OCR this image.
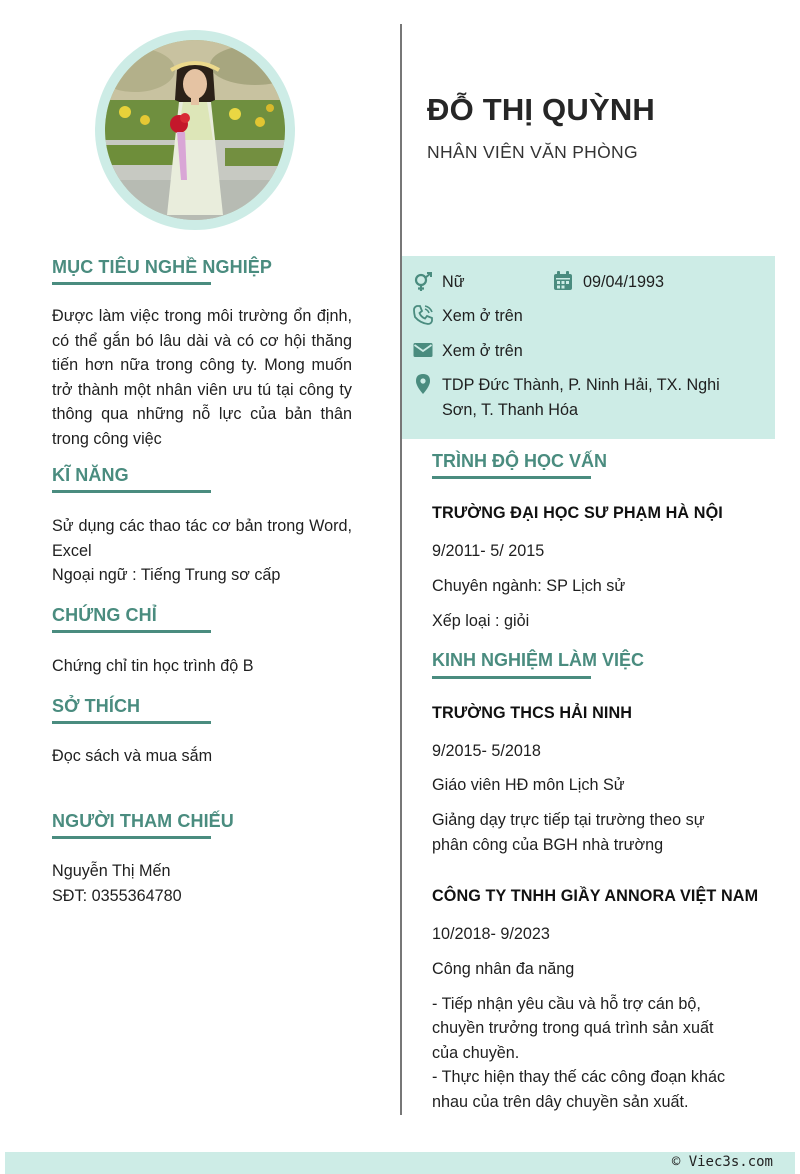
MỤC TIÊU NGHỀ NGHIỆP
Được làm việc trong môi trường ổn định, có thể gắn bó lâu dài và có cơ hội thăng tiến hơn nữa trong công ty. Mong muốn trở thành một nhân viên ưu tú tại công ty thông qua những nỗ lực của bản thân trong công việc
KĨ NĂNG
Sử dụng các thao tác cơ bản trong Word, Excel
Ngoại ngữ : Tiếng Trung sơ cấp
CHỨNG CHỈ
Chứng chỉ tin học trình độ B
SỞ THÍCH
Đọc sách và mua sắm
NGƯỜI THAM CHIẾU
Nguyễn Thị Mến
SĐT: 0355364780
ĐỖ THỊ QUỲNH
NHÂN VIÊN VĂN PHÒNG
Nữ	09/04/1993
Xem ở trên
Xem ở trên
TDP Đức Thành, P. Ninh Hải, TX. Nghi
Sơn, T. Thanh Hóa
TRÌNH ĐỘ HỌC VẤN
TRƯỜNG ĐẠI HỌC SƯ PHẠM HÀ NỘI
9/2011- 5/ 2015
Chuyên ngành: SP Lịch sử
Xếp loại : giỏi
KINH NGHIỆM LÀM VIỆC
TRƯỜNG THCS HẢI NINH
9/2015- 5/2018
Giáo viên HĐ môn Lịch Sử
Giảng dạy trực tiếp tại trường theo sự
phân công của BGH nhà trường
CÔNG TY TNHH GIẦY ANNORA VIỆT NAM
10/2018- 9/2023
Công nhân đa năng
- Tiếp nhận yêu cầu và hỗ trợ cán bộ,
chuyền trưởng trong quá trình sản xuất
của chuyền.
- Thực hiện thay thế các công đoạn khác
nhau của trên dây chuyền sản xuất.
© Viec3s.com
